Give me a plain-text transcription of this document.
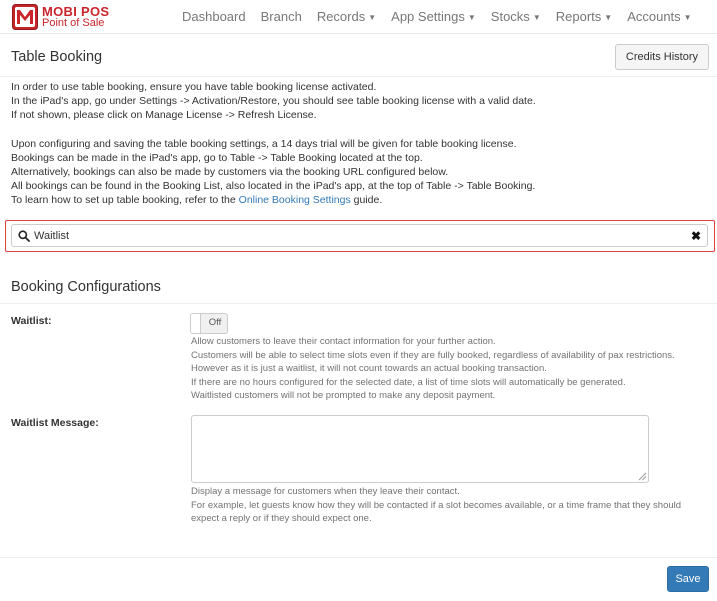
MOBI POS
Point of Sale	Dashboard Branch Records ▼ App Settings ▼ Stocks ▼ Reports ▼ Accounts ▼
Table Booking	Credits History

In order to use table booking, ensure you have table booking license activated.

In the iPad's app, go under Settings -> Activation/Restore, you should see table booking license with a valid date.

If not shown, please click on Manage License -> Refresh License.

Upon configuring and saving the table booking settings, a 14 days trial will be given for table booking license.

Bookings can be made in the iPad's app, go to Table -> Table Booking located at the top.

Alternatively, bookings can also be made by customers via the booking URL configured below.

All bookings can be found in the Booking List, also located in the iPad's app, at the top of Table -> Table Booking.

To learn how to set up table booking, refer to the Online Booking Settings guide.

Waitlist
✖
Booking Configurations
Waitlist:	Off

Allow customers to leave their contact information for your further action.

Customers will be able to select time slots even if they are fully booked, regardless of availability of pax restrictions.

However as it is just a waitlist, it will not count towards an actual booking transaction.

If there are no hours configured for the selected date, a list of time slots will automatically be generated.

Waitlisted customers will not be prompted to make any deposit payment.

Waitlist Message:

Display a message for customers when they leave their contact.

For example, let guests know how they will be contacted if a slot becomes available, or a time frame that they should

expect a reply or if they should expect one.

Save
